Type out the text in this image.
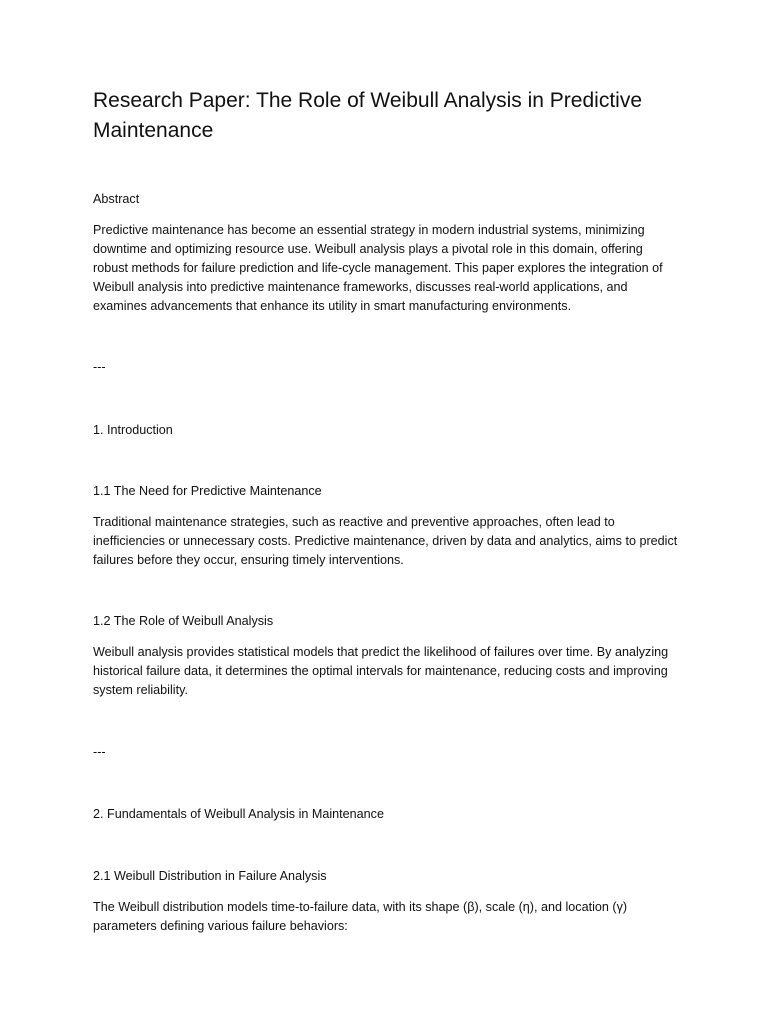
Research Paper: The Role of Weibull Analysis in Predictive Maintenance

Abstract

Predictive maintenance has become an essential strategy in modern industrial systems, minimizing downtime and optimizing resource use. Weibull analysis plays a pivotal role in this domain, offering robust methods for failure prediction and life-cycle management. This paper explores the integration of Weibull analysis into predictive maintenance frameworks, discusses real-world applications, and examines advancements that enhance its utility in smart manufacturing environments.

---

1. Introduction

1.1 The Need for Predictive Maintenance

Traditional maintenance strategies, such as reactive and preventive approaches, often lead to inefficiencies or unnecessary costs. Predictive maintenance, driven by data and analytics, aims to predict failures before they occur, ensuring timely interventions.

1.2 The Role of Weibull Analysis

Weibull analysis provides statistical models that predict the likelihood of failures over time. By analyzing historical failure data, it determines the optimal intervals for maintenance, reducing costs and improving system reliability.

---

2. Fundamentals of Weibull Analysis in Maintenance

2.1 Weibull Distribution in Failure Analysis

The Weibull distribution models time-to-failure data, with its shape (β), scale (η), and location (γ) parameters defining various failure behaviors:
